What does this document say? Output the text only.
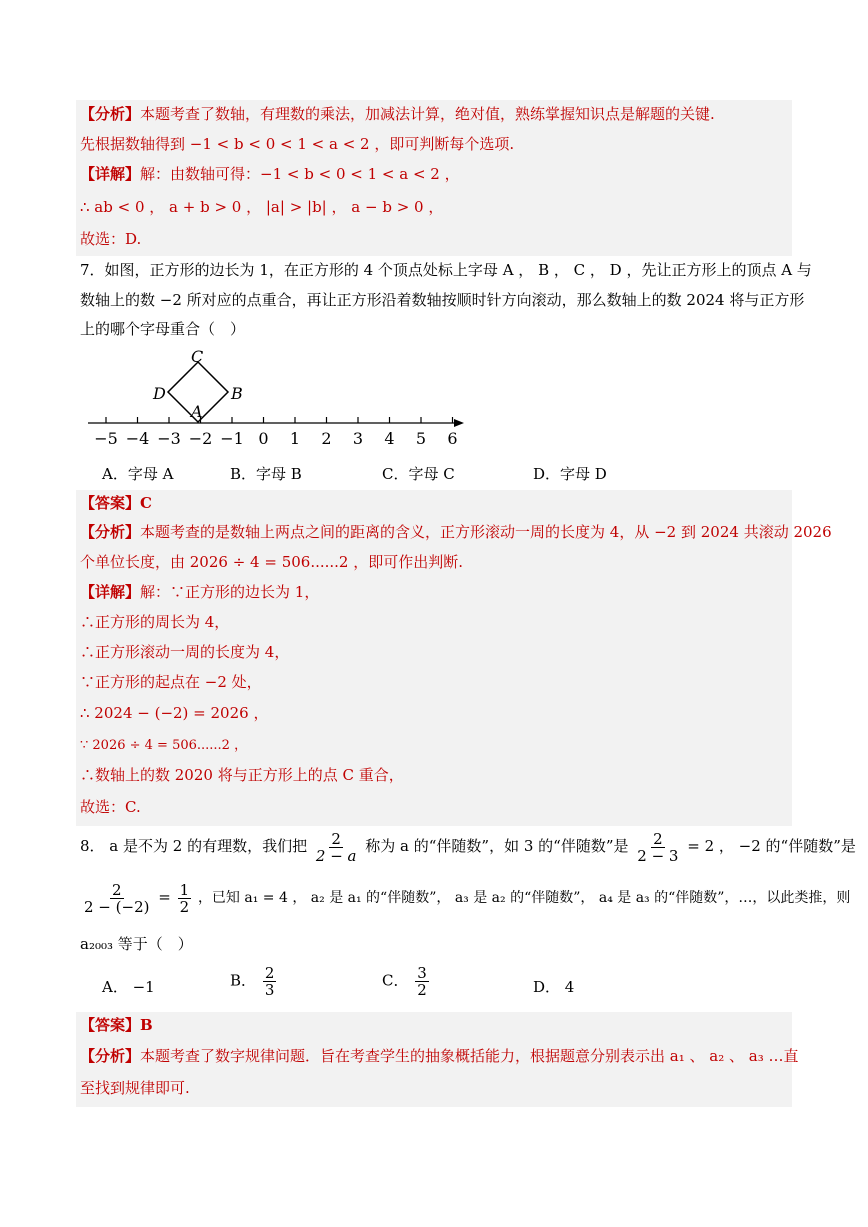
【分析】本题考查了数轴，有理数的乘法，加减法计算，绝对值，熟练掌握知识点是解题的关键.
先根据数轴得到 −1 < b < 0 < 1 < a < 2 ，即可判断每个选项.
【详解】解：由数轴可得：−1 < b < 0 < 1 < a < 2 ，
∴ ab < 0 ， a + b > 0 ， |a| > |b| ， a − b > 0 ，
故选：D.
7．如图，正方形的边长为 1，在正方形的 4 个顶点处标上字母 A ， B ， C ， D ，先让正方形上的顶点 A 与
数轴上的数 −2 所对应的点重合，再让正方形沿着数轴按顺时针方向滚动，那么数轴上的数 2024 将与正方形
上的哪个字母重合（　）
C
D	B
A
−5 −4 −3 −2 −1 0 1 2 3 4 5 6
A．字母 A	B．字母 B	C．字母 C	D．字母 D
【答案】C
【分析】本题考查的是数轴上两点之间的距离的含义，正方形滚动一周的长度为 4，从 −2 到 2024 共滚动 2026
个单位长度，由 2026 ÷ 4 = 506......2 ，即可作出判断.
【详解】解：∵正方形的边长为 1，
∴正方形的周长为 4，
∴正方形滚动一周的长度为 4，
∵正方形的起点在 −2 处，
∴ 2024 − (−2) = 2026 ，
∵ 2026 ÷ 4 = 506......2 ，
∴数轴上的数 2020 将与正方形上的点 C 重合，
故选：C.
8． a 是不为 2 的有理数，我们把 $\frac{2}{2 - a}$ 称为 a 的“伴随数”，如 3 的“伴随数”是 $\frac{2}{2 - 3} = 2$ ， −2 的“伴随数”是
$\frac{2}{2 - (-2)} = \frac{1}{2}$ ，已知 a₁ = 4 ， a₂ 是 a₁ 的“伴随数”， a₃ 是 a₂ 的“伴随数”， a₄ 是 a₃ 的“伴随数”，…，以此类推，则
a₂₀₀₃ 等于（　）
A． −1	B． $\frac{2}{3}$	C． $\frac{3}{2}$	D． 4
【答案】B
【分析】本题考查了数字规律问题．旨在考查学生的抽象概括能力，根据题意分别表示出 a₁ 、 a₂ 、 a₃ …直
至找到规律即可.
